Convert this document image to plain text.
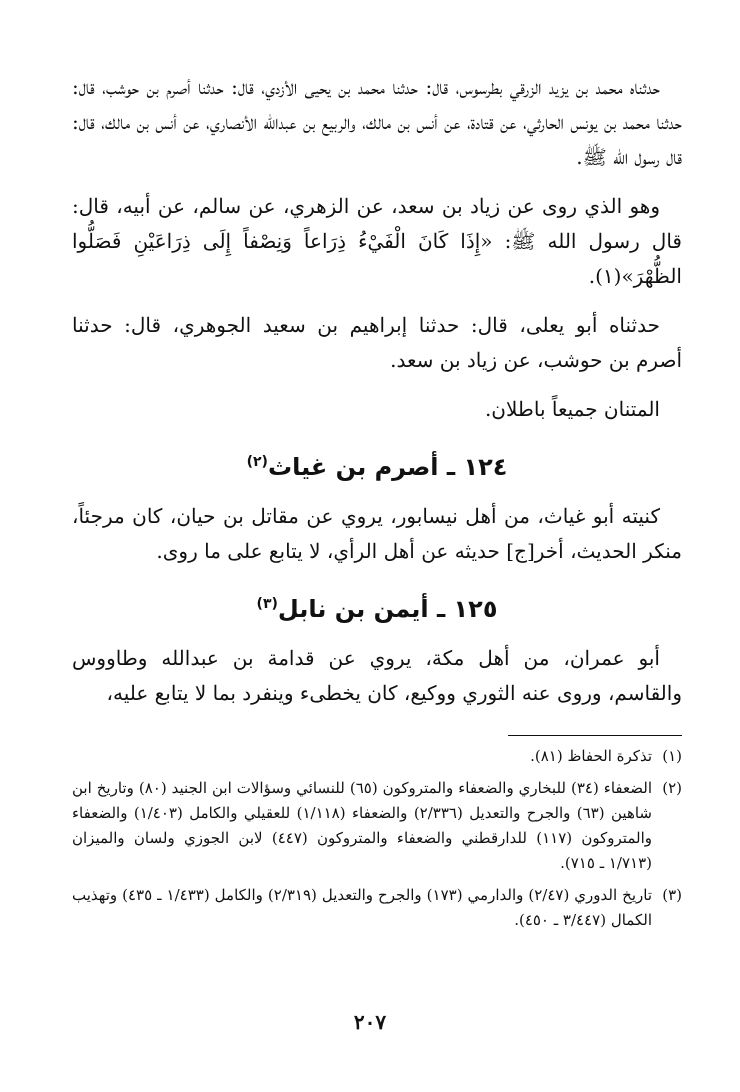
حدثناه محمد بن يزيد الزرقي بطرسوس، قال: حدثنا محمد بن يحيى الأزدي، قال: حدثنا أصرم بن حوشب، قال: حدثنا محمد بن يونس الحارثي، عن قتادة، عن أنس بن مالك، والربيع بن عبدالله الأنصاري، عن أنس بن مالك، قال: قال رسول الله ﷺ.

وهو الذي روى عن زياد بن سعد، عن الزهري، عن سالم، عن أبيه، قال: قال رسول الله ﷺ: «إِذَا كَانَ الْفَيْءُ ذِرَاعاً وَنِصْفاً إِلَى ذِرَاعَيْنِ فَصَلُّوا الظُّهْرَ»(١).

حدثناه أبو يعلى، قال: حدثنا إبراهيم بن سعيد الجوهري، قال: حدثنا أصرم بن حوشب، عن زياد بن سعد.

المتنان جميعاً باطلان.

١٢٤ ـ أصرم بن غياث$^{(٢)}$

كنيته أبو غياث، من أهل نيسابور، يروي عن مقاتل بن حيان، كان مرجئاً، منكر الحديث، أخر[ج] حديثه عن أهل الرأي، لا يتابع على ما روى.

١٢٥ ـ أيمن بن نابل$^{(٣)}$

أبو عمران، من أهل مكة، يروي عن قدامة بن عبدالله وطاووس والقاسم، وروى عنه الثوري ووكيع، كان يخطىء وينفرد بما لا يتابع عليه،

(١)
تذكرة الحفاظ (٨١).
(٢)
الضعفاء (٣٤) للبخاري والضعفاء والمتروكون (٦٥) للنسائي وسؤالات ابن الجنيد (٨٠) وتاريخ ابن شاهين (٦٣) والجرح والتعديل (٢/٣٣٦) والضعفاء (١/١١٨) للعقيلي والكامل (١/٤٠٣) والضعفاء والمتروكون (١١٧) للدارقطني والضعفاء والمتروكون (٤٤٧) لابن الجوزي ولسان والميزان (١/٧١٣ ـ ٧١٥).
(٣)
تاريخ الدوري (٢/٤٧) والدارمي (١٧٣) والجرح والتعديل (٢/٣١٩) والكامل (١/٤٣٣ ـ ٤٣٥) وتهذيب الكمال (٣/٤٤٧ ـ ٤٥٠).
٢٠٧
